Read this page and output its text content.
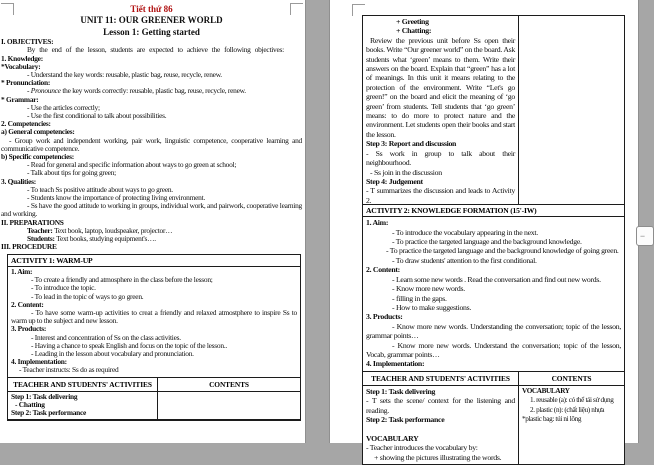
Tiết thứ 86
UNIT 11: OUR GREENER WORLD
Lesson 1: Getting started
I. OBJECTIVES:
By the end of the lesson, students are expected to achieve the following objectives:
1. Knowledge:
*Vocabulary:
- Understand the key words: reusable, plastic bag, reuse, recycle, renew.
* Pronunciation:
- Pronounce the key words correctly: reusable, plastic bag, reuse, recycle, renew.
* Grammar:
- Use the articles correctly;
- Use the first conditional to talk about possibilities.
2. Competencies:
a) General competencies:
- Group work and independent working, pair work, linguistic competence, cooperative learning and communicative competence.
b) Specific competencies:
- Read for general and specific information about ways to go green at school;
- Talk about tips for going green;
3. Qualities:
- To teach Ss positive attitude about ways to go green.
- Students know the importance of protecting living environment.
- Ss have the good attitude to working in groups, individual work, and pairwork, cooperative learning and working.
II. PREPARATIONS
Teacher: Text book, laptop, loudspeaker, projector…
Students: Text books, studying equipment's….
III. PROCEDURE
ACTIVITY 1: WARM-UP
1. Aim:
- To create a friendly and atmosphere in the class before the lesson;
- To introduce the topic.
- To lead in the topic of ways to go green.
2. Content:
- To have some warm-up activities to creat a friendly and relaxed atmostphere to inspire Ss to warm up to the subject and new lesson.
3. Products:
- Interest and concentration of Ss on the class activities.
- Having a chance to speak English and focus on the topic of the lesson..
- Leading in the lesson about vocabulary and pronunciation.
4. Implementation:
- Teacher instructs: Ss do as required
TEACHER AND STUDENTS' ACTIVITIES	CONTENTS
Step 1: Task delivering
- Chatting
Step 2: Task performance
+ Greeting
+ Chatting:
Review the previous unit before Ss open their books. Write “Our greener world” on the board. Ask students what ‘green’ means to them. Write their answers on the board. Explain that “green” has a lot of meanings. In this unit it means relating to the protection of the environment. Write “Let's go green!” on the board and elicit the meaning of ‘go green’ from students. Tell students that ‘go green’ means: to do more to protect nature and the environment. Let students open their books and start the lesson.
Step 3: Report and discussion
- Ss work in group to talk about their neighbourhood.
- Ss join in the discussion
Step 4: Judgement
- T summarizes the discussion and leads to Activity 2.
ACTIVITY 2: KNOWLEDGE FORMATION (15'-IW)
1. Aim:
- To introduce the vocabulary appearing in the next.
- To practice the targeted language and the background knowledge.
- To practice the targeted language and the background knowledge of going green.
- To draw students' attention to the first conditional.
2. Content:
- Learn some new words . Read the conversation and find out new words.
- Know more new words.
- filling in the gaps.
- How to make suggestions.
3. Products:
- Know more new words. Understanding the conversation; topic of the lesson, grammar points…
- Know more new words. Understand the conversation; topic of the lesson, Vocab, grammar points…
4. Implementation:
TEACHER AND STUDENTS' ACTIVITIES	CONTENTS
Step 1: Task delivering
- T sets the scene/ context for the listening and reading.
Step 2: Task performance

VOCABULARY
- Teacher introduces the vocabulary by:
+ showing the pictures illustrating the words.
VOCABULARY
1. reusable (a): có thể tái sử dụng
2. plastic (n): (chất liệu) nhựa
*plastic bag: túi ni lông
−
